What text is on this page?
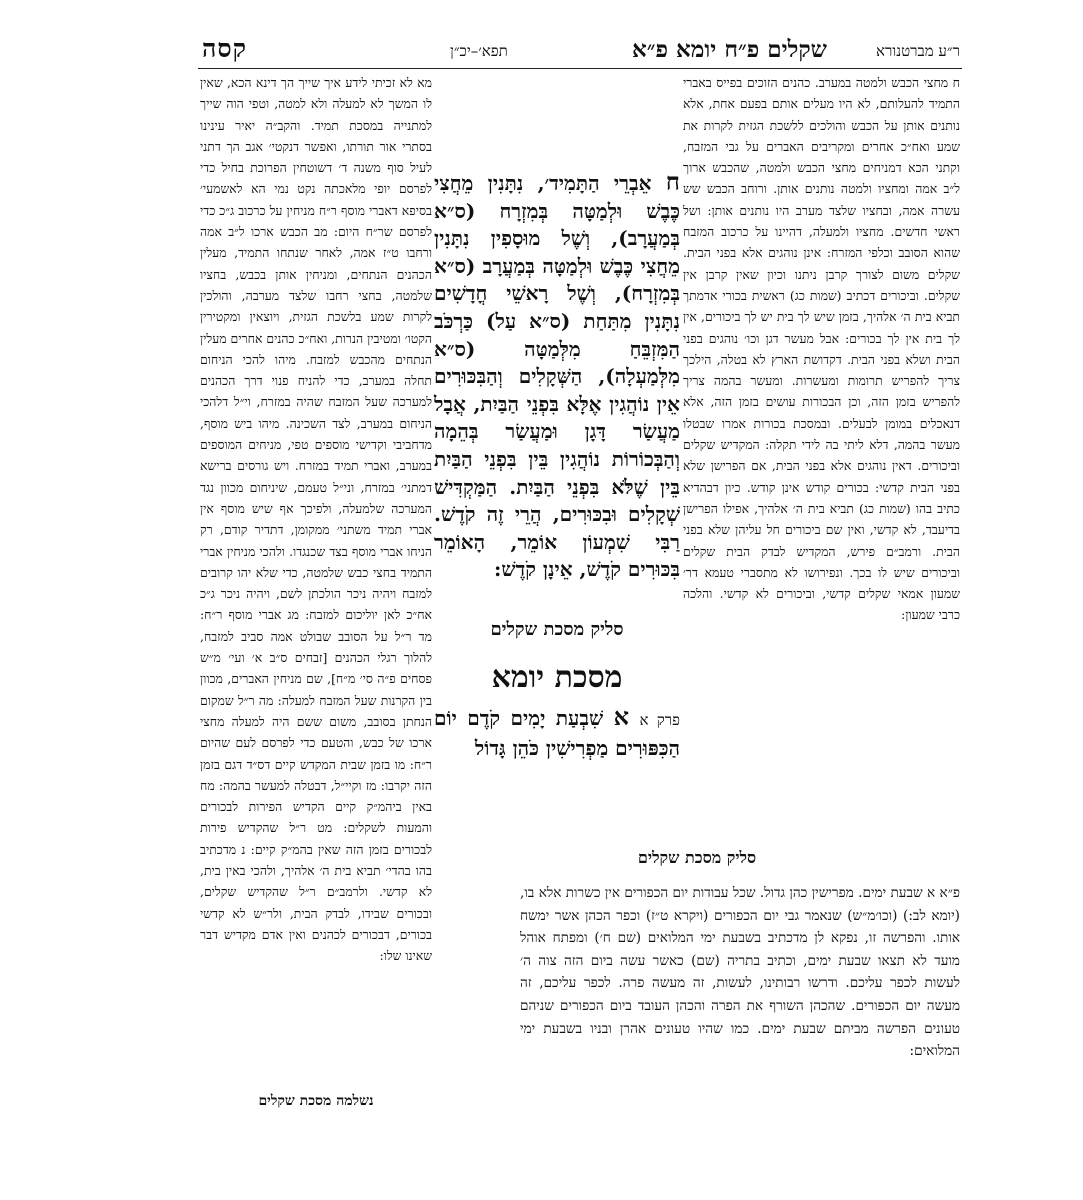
קסה	תפא׳–יכ״ן	שקלים פ״ח יומא פ״א	ר״ע מברטנורא
מא לא זכיתי לידע איך שייך הך דינא הכא, שאין לו המשך לא למעלה ולא למטה, וטפי הוה שייך למתנייה במסכת תמיד. והקב״ה יאיר עינינו בסתרי אור תורתו, ואפשר דנקטי׳ אגב הך דתני לעיל סוף משנה ד׳ דשוטחין הפרוכת בחיל כדי לפרסם יופי מלאכתה נקט נמי הא לאשמעי׳ בסיפא דאברי מוסף ר״ח מניחין על כרכוב ג״כ כדי לפרסם שר״ח היום: מב הכבש ארכו ל״ב אמה ורחבו ט״ז אמה, לאחר שנתחו התמיד, מעלין הכהנים הנתחים, ומניחין אותן בכבש, בחציו שלמטה, בחצי רחבו שלצד מערבה, והולכין לקרות שמע בלשכת הגזית, ויוצאין ומקטירין הקטו׳ ומטיבין הנרות, ואח״כ כהנים אחרים מעלין הנתחים מהכבש למזבח. מיהו להכי הניחום תחלה במערב, כדי להניח פנוי דרך הכהנים למערכה שעל המזבח שהיה במזרח, וי״ל דלהכי הניחום במערב, לצד השכינה. מיהו ביש מוסף, מדחביבי וקדישי מוספים טפי, מניחים המוספים במערב, ואברי תמיד במזרח. ויש גורסים ברישא דמתני׳ במזרח, וני״ל טעמם, שיניחום מכוון נגד המערכה שלמעלה, ולפיכך אף שיש מוסף אין אברי תמיד משתני׳ ממקומן, דתדיר קודם, רק הניחו אברי מוסף בצד שכנגדו. ולהכי מניחין אברי התמיד בחצי כבש שלמטה, כדי שלא יהו קרובים למזבח ויהיה ניכר הולכתן לשם, ויהיה ניכר ג״כ אח״כ לאן יוליכום למזבח: מג אברי מוסף ר״ח: מד ר״ל על הסובב שבולט אמה סביב למזבח, להלוך רגלי הכהנים [זבחים ס״ב א׳ ועי׳ מ״ש פסחים פ״ה סי׳ מ״ח], שם מניחין האברים, מכוון בין הקרנות שעל המזבח למעלה: מה ר״ל שמקום הנחתן בסובב, משום ששם היה למעלה מחצי ארכו של כבש, והטעם כדי לפרסם לעם שהיום ר״ח: מו בזמן שבית המקדש קיים דס״ד דגם בזמן הזה יקרבו: מז וקיי״ל, דבטלה למעשר בהמה: מח באין ביהמ״ק קיים הקדיש הפירות לבכורים והמעות לשקלים: מט ר״ל שהקדיש פירות לבכורים בזמן הזה שאין בהמ״ק קיים: נ מדכתיב בהו בהדי׳ תביא בית ה׳ אלהיך, ולהכי באין בית, לא קדשי. ולרמב״ם ר״ל שהקדיש שקלים, ובכורים שבידו, לבדק הבית, ולר״ש לא קדשי בכורים, דבכורים לכהנים ואין אדם מקדיש דבר שאינו שלו:
נשלמה מסכת שקלים
ח אֵבְרֵי הַתָּמִיד׳, נִתָּנִין מֵחֲצִי כֶּבֶשׁ וּלְמַטָּה בְּמִזְרָח (ס״א בְּמַעֲרָב), וְשֶׁל מוּסָפִין נִתָּנִין מֵחֲצִי כֶּבֶשׁ וּלְמַטָּה בְּמַעֲרָב (ס״א בְּמִזְרָח), וְשֶׁל רָאשֵׁי חֳדָשִׁים נִתָּנִין מִתַּחַת (ס״א עַל) כַּרְכֹּב הַמִּזְבֵּחַ מִלְּמַטָּה (ס״א מִלְּמַעְלָה), הַשְּׁקָלִים וְהַבִּכּוּרִים אֵין נוֹהֲגִין אֶלָּא בִּפְנֵי הַבַּיִת, אֲבָל מַעֲשַׂר דָּגָן וּמַעֲשַׂר בְּהֵמָה וְהַבְּכוֹרוֹת נוֹהֲגִין בֵּין בִּפְנֵי הַבַּיִת בֵּין שֶׁלֹּא בִּפְנֵי הַבַּיִת. הַמַּקְדִּישׁ שְׁקָלִים וּבִכּוּרִים, הֲרֵי זֶה קֹדֶשׁ. רַבִּי שִׁמְעוֹן אוֹמֵר, הָאוֹמֵר בִּכּוּרִים קֹדֶשׁ, אֵינָן קֹדֶשׁ:
סליק מסכת שקלים
מסכת יומא
פרק א א שִׁבְעַת יָמִים קֹדֶם יוֹם הַכִּפּוּרִים מַפְרִישִׁין כֹּהֵן גָּדוֹל
ח מחצי הכבש ולמטה במערב. כהנים הזוכים בפייס באברי התמיד להעלותם, לא היו מעלים אותם בפעם אחת, אלא נותנים אותן על הכבש והולכים ללשכת הגזית לקרות את שמע ואח״כ אחרים ומקריבים האברים על גבי המזבח, וקתני הכא דמניחים מחצי הכבש ולמטה, שהכבש ארוך ל״ב אמה ומחציו ולמטה נותנים אותן. ורוחב הכבש שש עשרה אמה, ובחציו שלצד מערב היו נותנים אותן: ושל ראשי חדשים. מחציו ולמעלה, דהיינו על כרכוב המזבח שהוא הסובב וכלפי המזרח: אינן נוהגים אלא בפני הבית. שקלים משום לצורך קרבן ניתנו וכיון שאין קרבן אין שקלים. וביכורים דכתיב (שמות כג) ראשית בכורי אדמתך תביא בית ה׳ אלהיך, בזמן שיש לך בית יש לך ביכורים, אין לך בית אין לך בכורים: אבל מעשר דגן וכו׳ נוהגים בפני הבית ושלא בפני הבית. דקדושת הארץ לא בטלה, הילכך צריך להפריש תרומות ומעשרות. ומעשר בהמה צריך להפריש בזמן הזה, וכן הבכורות עושים בזמן הזה, אלא דנאכלים במומן לבעלים. ובמסכת בכורות אמרו שבטלו מעשר בהמה, דלא ליתי בה לידי תקלה: המקדיש שקלים וביכורים. דאין נוהגים אלא בפני הבית, אם הפרישן שלא בפני הבית קדשי: בכורים קודש אינן קודש. כיון דבהדיא כתיב בהו (שמות כג) תביא בית ה׳ אלהיך, אפילו הפרישן בדיעבד, לא קדשי, ואין שם ביכורים חל עליהן שלא בפני הבית. ורמב״ם פירש, המקדיש לבדק הבית שקלים וביכורים שיש לו בכך. ונפירושו לא מתסברי טעמא דר׳ שמעון אמאי שקלים קדשי, וביכורים לא קדשי. והלכה כרבי שמעון:
סליק מסכת שקלים
פ״א א שבעת ימים. מפרישין כהן גדול. שכל עבודות יום הכפורים אין כשרות אלא בו, (יומא לב:) (וכו׳מ״ש) שנאמר גבי יום הכפורים (ויקרא ט״ז) וכפר הכהן אשר ימשח אותו. והפרשה זו, נפקא לן מדכתיב בשבעת ימי המלואים (שם ח׳) ומפתח אוהל מועד לא תצאו שבעת ימים, וכתיב בתריה (שם) כאשר עשה ביום הזה צוה ה׳ לעשות לכפר עליכם. ודרשו רבותינו, לעשות, זה מעשה פרה. לכפר עליכם, זה מעשה יום הכפורים. שהכהן השורף את הפרה והכהן העובד ביום הכפורים שניהם טעונים הפרשה מביתם שבעת ימים. כמו שהיו טעונים אהרן ובניו בשבעת ימי המלואים:
